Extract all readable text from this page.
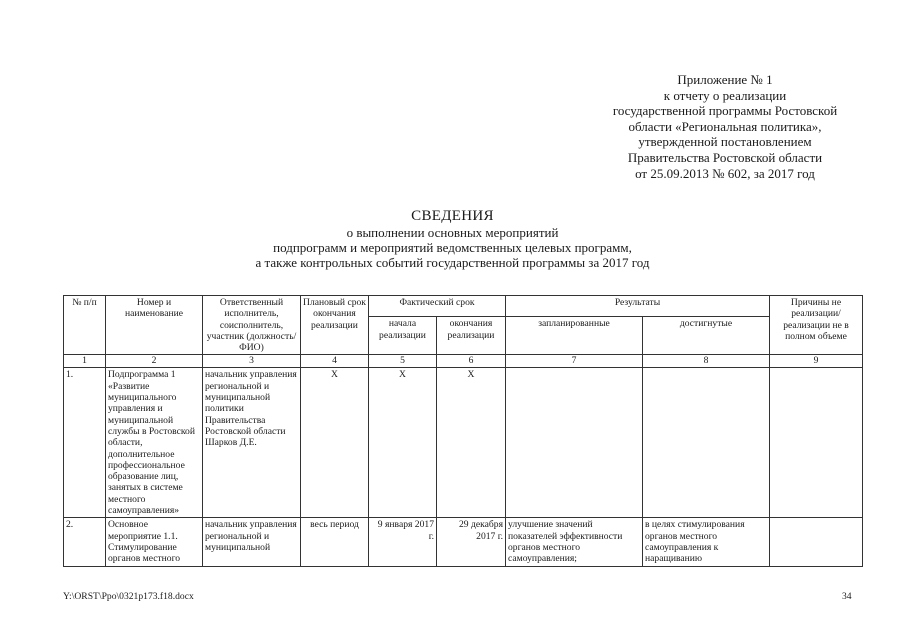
Приложение № 1
к отчету о реализации
государственной программы Ростовской
области «Региональная политика»,
утвержденной постановлением
Правительства Ростовской области
от 25.09.2013 № 602, за 2017 год
СВЕДЕНИЯ
о выполнении основных мероприятий
подпрограмм и мероприятий ведомственных целевых программ,
а также контрольных событий государственной программы за 2017 год
№ п/п	Номер и наименование	Ответственный исполнитель, соисполнитель, участник (должность/ ФИО)	Плановый срок окончания реализации	Фактический срок		Результаты		Причины не реализации/ реализации не в полном объеме
				начала реализации	окончания реализации	запланированные	достигнутые	
1	2	3	4	5	6	7	8	9
1.	Подпрограмма 1 «Развитие муниципального управления и муниципальной службы в Ростовской области, дополнительное профессиональное образование лиц, занятых в системе местного самоуправления»	начальник управления региональной и муниципальной политики Правительства Ростовской области Шарков Д.Е.	Х	Х	Х			
2.	Основное мероприятие 1.1. Стимулирование органов местного	начальник управления региональной и муниципальной	весь период	9 января 2017 г.	29 декабря 2017 г.	улучшение значений показателей эффективности органов местного самоуправления;	в целях стимулирования органов местного самоуправления к наращиванию	
Y:\ORST\Ppo\0321p173.f18.docx	34
